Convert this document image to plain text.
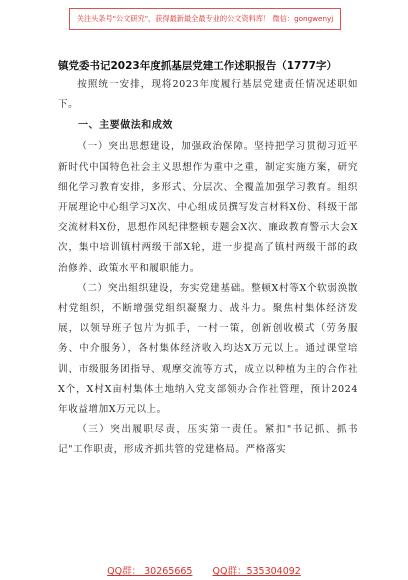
关注头条号"公文研究"，获得最新最全最专业的公文资料库！ 微信：gongwenyj
镇党委书记2023年度抓基层党建工作述职报告（1777字）

按照统一安排，现将2023年度履行基层党建责任情况述职如下。

一、主要做法和成效

（一）突出思想建设，加强政治保障。坚持把学习贯彻习近平新时代中国特色社会主义思想作为重中之重，制定实施方案，研究细化学习教育安排，多形式、分层次、全覆盖加强学习教育。组织开展理论中心组学习X次、中心组成员撰写发言材料X份、科级干部交流材料X份，思想作风纪律整顿专题会X次、廉政教育警示大会X次，集中培训镇村两级干部X轮，进一步提高了镇村两级干部的政治修养、政策水平和履职能力。

（二）突出组织建设，夯实党建基础。整顿X村等X个软弱涣散村党组织，不断增强党组织凝聚力、战斗力。聚焦村集体经济发展，以领导班子包片为抓手，一村一策，创新创收模式（劳务服务、中介服务），各村集体经济收入均达X万元以上。通过课堂培训、市级服务团指导、观摩交流等方式，成立以种植为主的合作社X个，X村X亩村集体土地纳入党支部领办合作社管理，预计2024年收益增加X万元以上。

（三）突出履职尽责，压实第一责任。紧扣"书记抓、抓书记"工作职责，形成齐抓共管的党建格局。严格落实

QQ群： 30265665 QQ群：535304092
